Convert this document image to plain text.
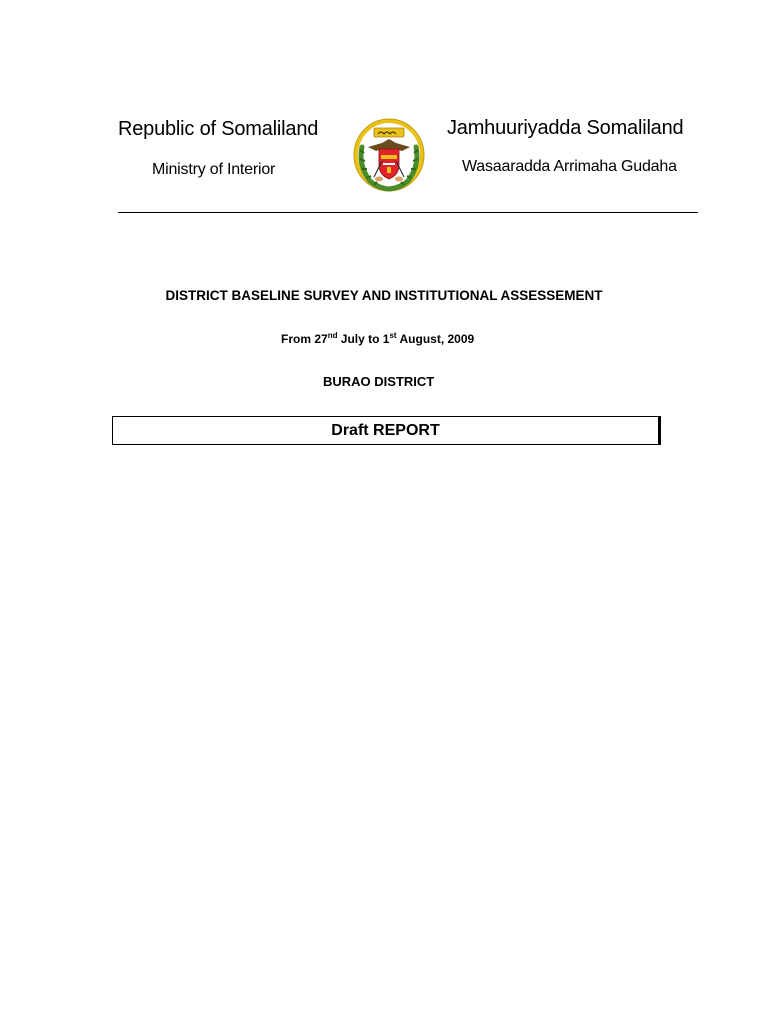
Republic of Somaliland
Ministry of Interior
Jamhuuriyadda Somaliland
Wasaaradda Arrimaha Gudaha
DISTRICT BASELINE SURVEY AND INSTITUTIONAL ASSESSEMENT
From 27nd July to 1st August, 2009
BURAO DISTRICT
Draft REPORT
